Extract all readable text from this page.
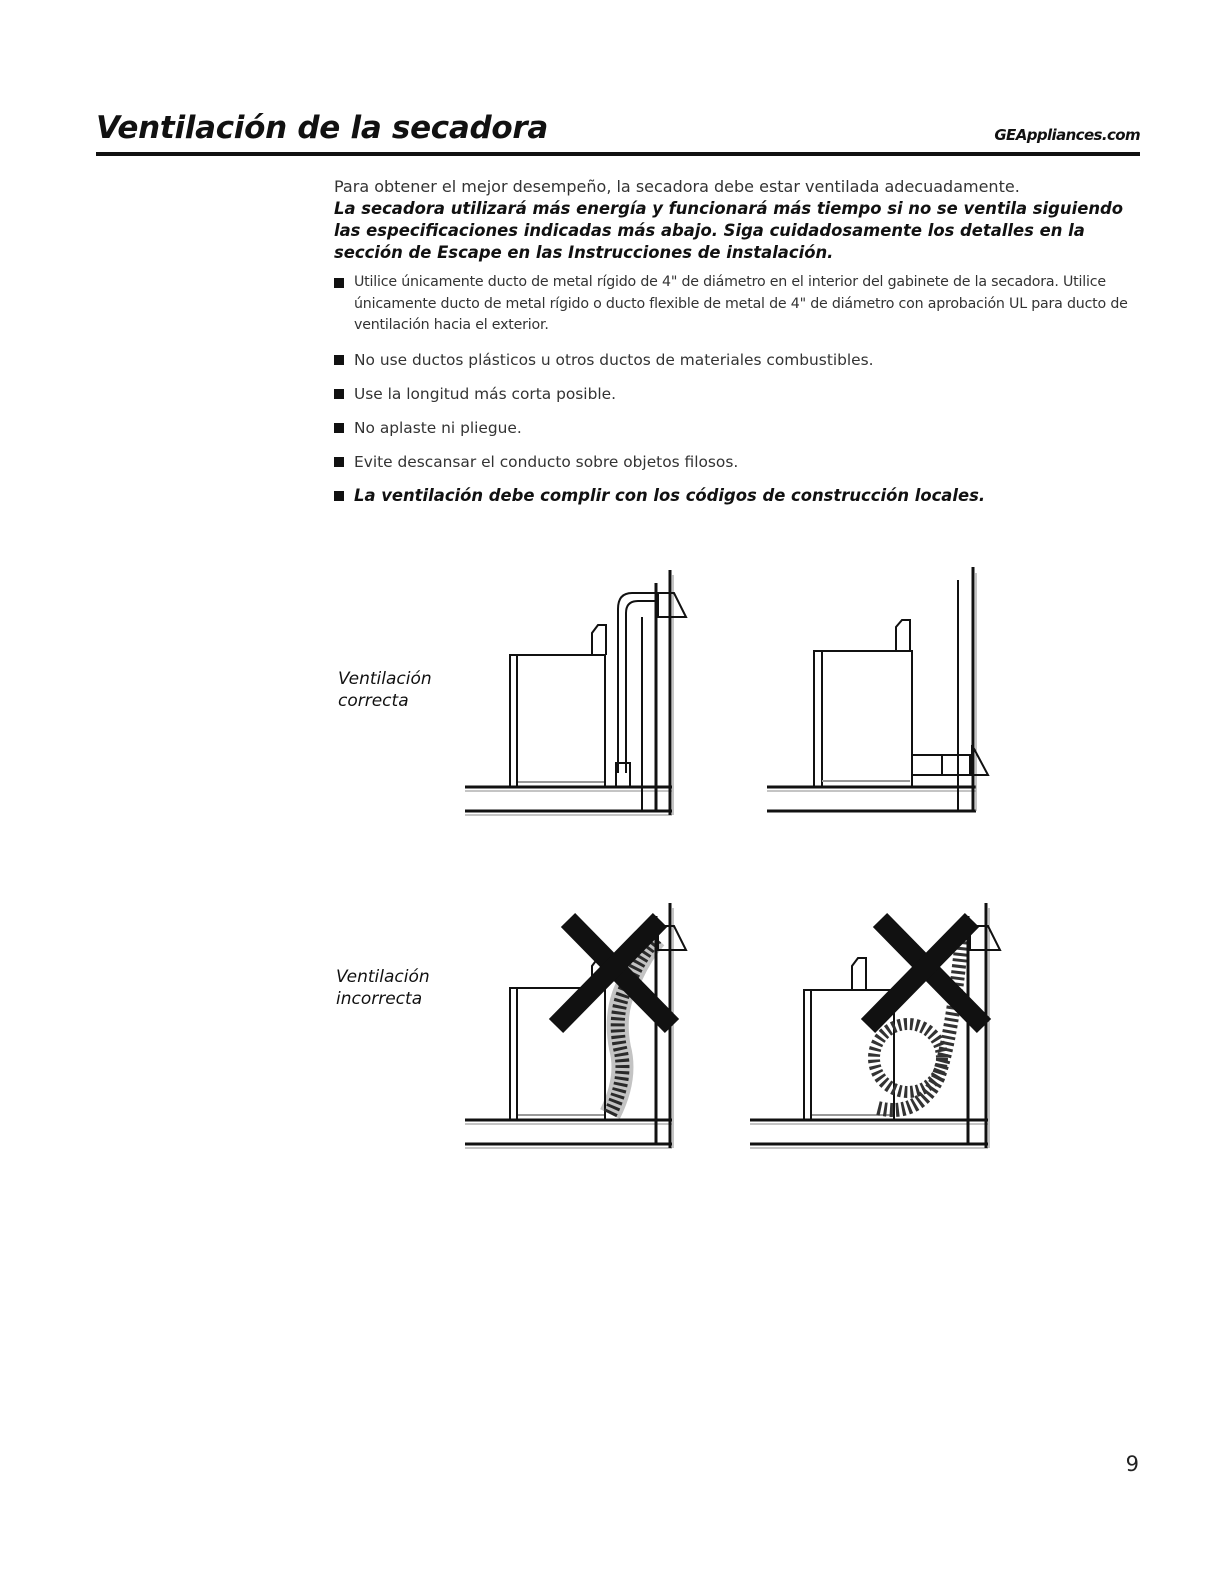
Ventilación de la secadora	GEAppliances.com

Para obtener el mejor desempeño, la secadora debe estar ventilada adecuadamente.

La secadora utilizará más energía y funcionará más tiempo si no se ventila siguiendo las especificaciones indicadas más abajo. Siga cuidadosamente los detalles en la sección de Escape en las Instrucciones de instalación.

Utilice únicamente ducto de metal rígido de 4" de diámetro en el interior del gabinete de la secadora. Utilice únicamente ducto de metal rígido o ducto flexible de metal de 4" de diámetro con aprobación UL para ducto de ventilación hacia el exterior.
No use ductos plásticos u otros ductos de materiales combustibles.
Use la longitud más corta posible.
No aplaste ni pliegue.
Evite descansar el conducto sobre objetos filosos.
La ventilación debe complir con los códigos de construcción locales.
Ventilación
correcta
Ventilación
incorrecta
9
